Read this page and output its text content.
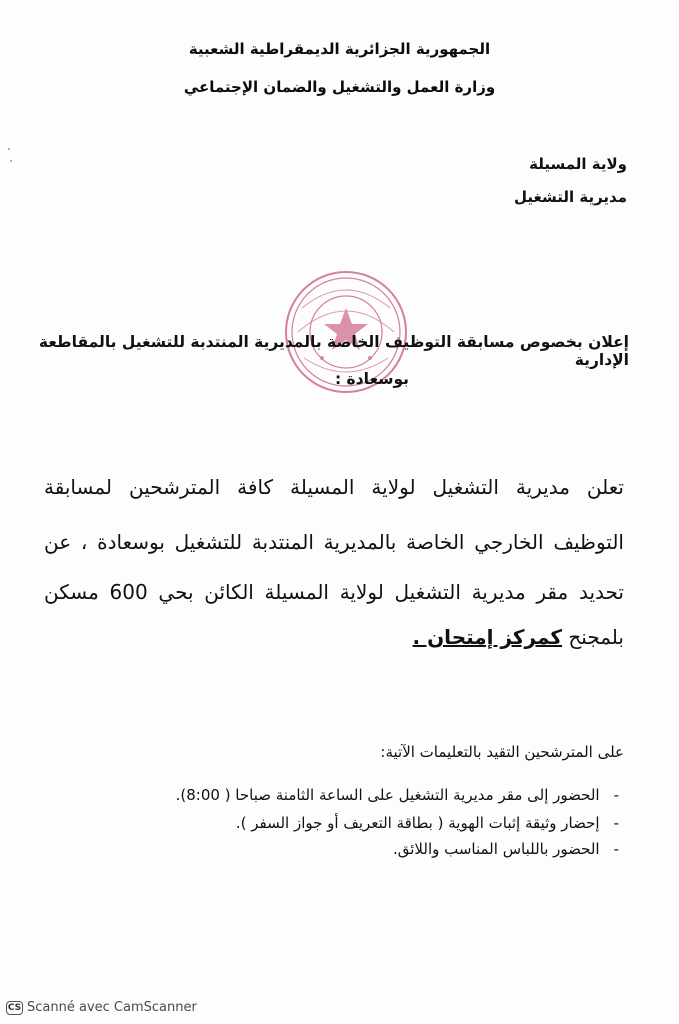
الجمهورية الجزائرية الديمقراطية الشعبية
وزارة العمل والتشغيل والضمان الإجتماعي
ولاية المسيلة
مديرية التشغيل
إعلان بخصوص مسابقة التوظيف الخاصة بالمديرية المنتدبة للتشغيل بالمقاطعة الإدارية
بوسعادة :
تعلن مديرية التشغيل لولاية المسيلة كافة المترشحين لمسابقة
التوظيف الخارجي الخاصة بالمديرية المنتدبة للتشغيل بوسعادة ، عن
تحديد مقر مديرية التشغيل لولاية المسيلة الكائن بحي 600 مسكن
بلمجنح كمركز إمتحان .
على المترشحين التقيد بالتعليمات الآتية:
-الحضور إلى مقر مديرية التشغيل على الساعة الثامنة صباحا ( 8:00).
-إحضار وثيقة إثبات الهوية ( بطاقة التعريف أو جواز السفر ).
-الحضور باللباس المناسب واللائق.
CS Scanné avec CamScanner
